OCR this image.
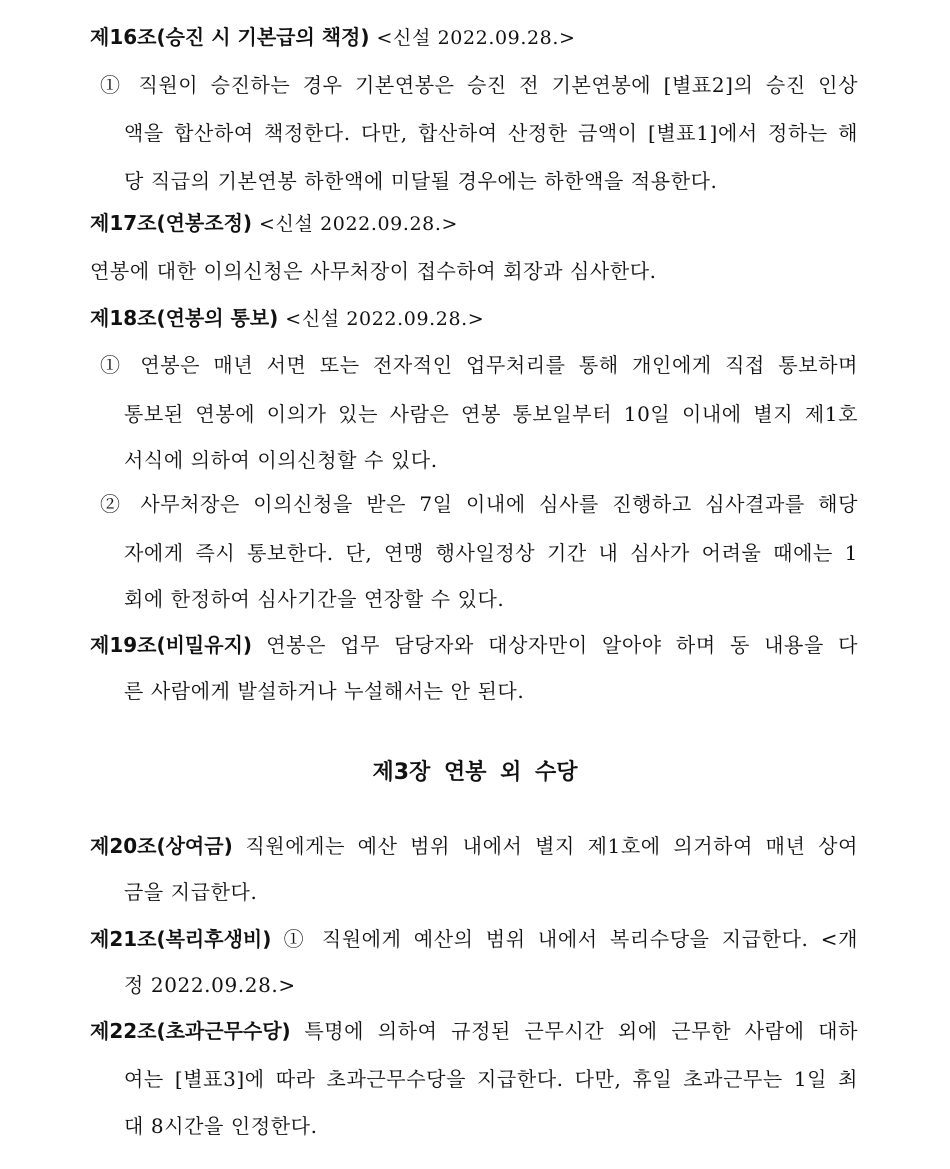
제16조(승진 시 기본급의 책정) <신설 2022.09.28.>
① 직원이 승진하는 경우 기본연봉은 승진 전 기본연봉에 [별표2]의 승진 인상
액을 합산하여 책정한다. 다만, 합산하여 산정한 금액이 [별표1]에서 정하는 해
당 직급의 기본연봉 하한액에 미달될 경우에는 하한액을 적용한다.
제17조(연봉조정) <신설 2022.09.28.>
연봉에 대한 이의신청은 사무처장이 접수하여 회장과 심사한다.
제18조(연봉의 통보) <신설 2022.09.28.>
① 연봉은 매년 서면 또는 전자적인 업무처리를 통해 개인에게 직접 통보하며
통보된 연봉에 이의가 있는 사람은 연봉 통보일부터 10일 이내에 별지 제1호
서식에 의하여 이의신청할 수 있다.
② 사무처장은 이의신청을 받은 7일 이내에 심사를 진행하고 심사결과를 해당
자에게 즉시 통보한다. 단, 연맹 행사일정상 기간 내 심사가 어려울 때에는 1
회에 한정하여 심사기간을 연장할 수 있다.
제19조(비밀유지) 연봉은 업무 담당자와 대상자만이 알아야 하며 동 내용을 다
른 사람에게 발설하거나 누설해서는 안 된다.
제3장 연봉 외 수당
제20조(상여금) 직원에게는 예산 범위 내에서 별지 제1호에 의거하여 매년 상여
금을 지급한다.
제21조(복리후생비) ① 직원에게 예산의 범위 내에서 복리수당을 지급한다. <개
정 2022.09.28.>
제22조(초과근무수당) 특명에 의하여 규정된 근무시간 외에 근무한 사람에 대하
여는 [별표3]에 따라 초과근무수당을 지급한다. 다만, 휴일 초과근무는 1일 최
대 8시간을 인정한다.
